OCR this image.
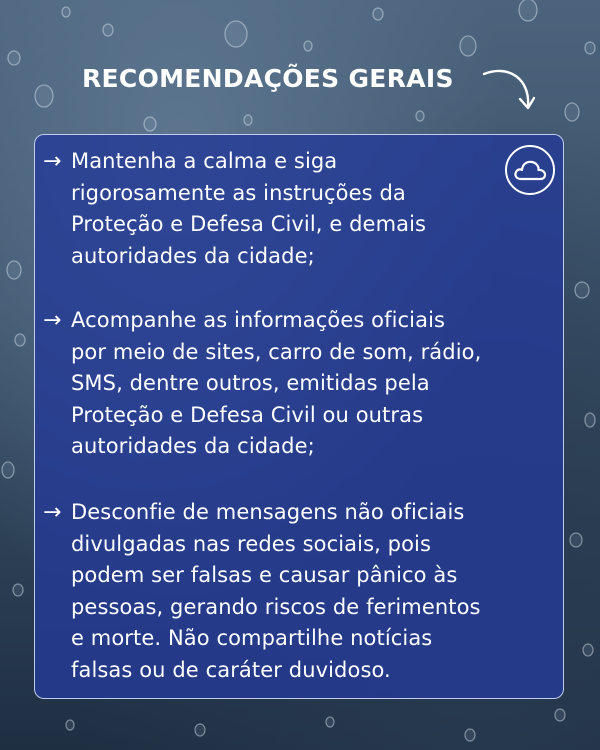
RECOMENDAÇÕES GERAIS
→ Mantenha a calma e siga
rigorosamente as instruções da
Proteção e Defesa Civil, e demais
autoridades da cidade;
→ Acompanhe as informações oficiais
por meio de sites, carro de som, rádio,
SMS, dentre outros, emitidas pela
Proteção e Defesa Civil ou outras
autoridades da cidade;
→ Desconfie de mensagens não oficiais
divulgadas nas redes sociais, pois
podem ser falsas e causar pânico às
pessoas, gerando riscos de ferimentos
e morte. Não compartilhe notícias
falsas ou de caráter duvidoso.
